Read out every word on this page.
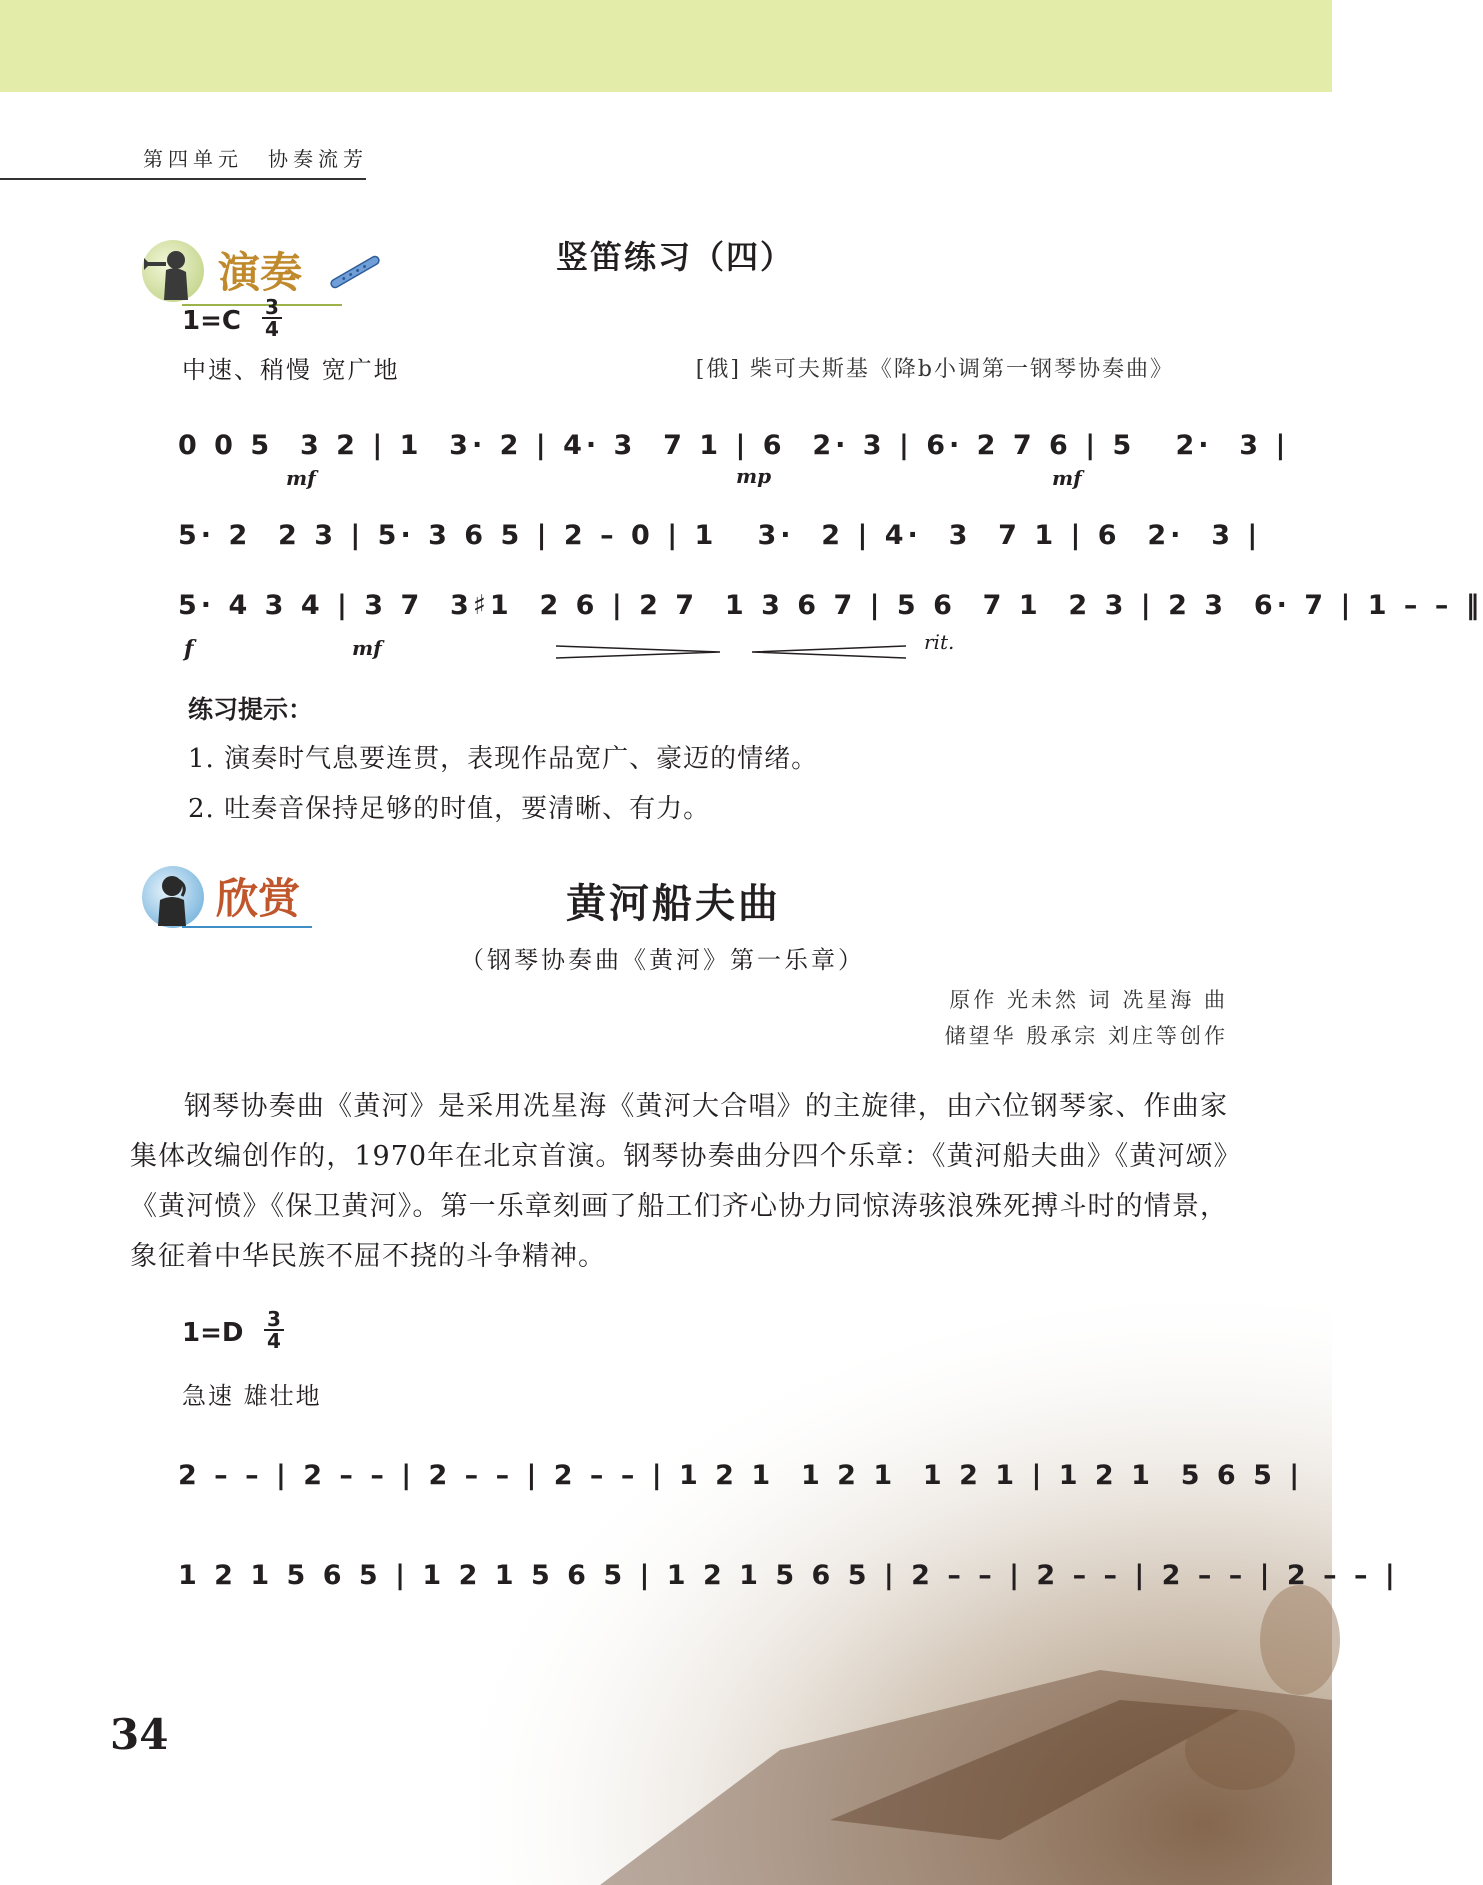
第四单元　协奏流芳
演奏	竖笛练习（四）
1=C 3
4
中速、稍慢 宽广地	[俄] 柴可夫斯基《降b小调第一钢琴协奏曲》
0 0 5  3 2 | 1  3· 2 | 4· 3  7 1 | 6  2· 3 | 6· 2 7 6 | 5   2·  3 |
5· 2  2 3 | 5· 3 6 5 | 2 – 0 | 1   3·  2 | 4·  3  7 1 | 6  2·  3 |
5· 4 3 4 | 3 7  3♯1  2 6 | 2 7  1 3 6 7 | 5 6  7 1  2 3 | 2 3  6· 7 | 1 – – ‖
mf	mp	mf
f	mf	rit.
练习提示：
1. 演奏时气息要连贯，表现作品宽广、豪迈的情绪。
2. 吐奏音保持足够的时值，要清晰、有力。
欣赏	黄河船夫曲
（钢琴协奏曲《黄河》第一乐章）
原作 光未然 词 冼星海 曲
储望华 殷承宗 刘庄等创作

钢琴协奏曲《黄河》是采用冼星海《黄河大合唱》的主旋律，由六位钢琴家、作曲家集体改编创作的，1970年在北京首演。钢琴协奏曲分四个乐章：《黄河船夫曲》《黄河颂》《黄河愤》《保卫黄河》。第一乐章刻画了船工们齐心协力同惊涛骇浪殊死搏斗时的情景，象征着中华民族不屈不挠的斗争精神。

1=D 3
4
急速 雄壮地
2 – – | 2 – – | 2 – – | 2 – – | 1 2 1  1 2 1  1 2 1 | 1 2 1  5 6 5 |
1 2 1 5 6 5 | 1 2 1 5 6 5 | 1 2 1 5 6 5 | 2 – – | 2 – – | 2 – – | 2 – – |
34
